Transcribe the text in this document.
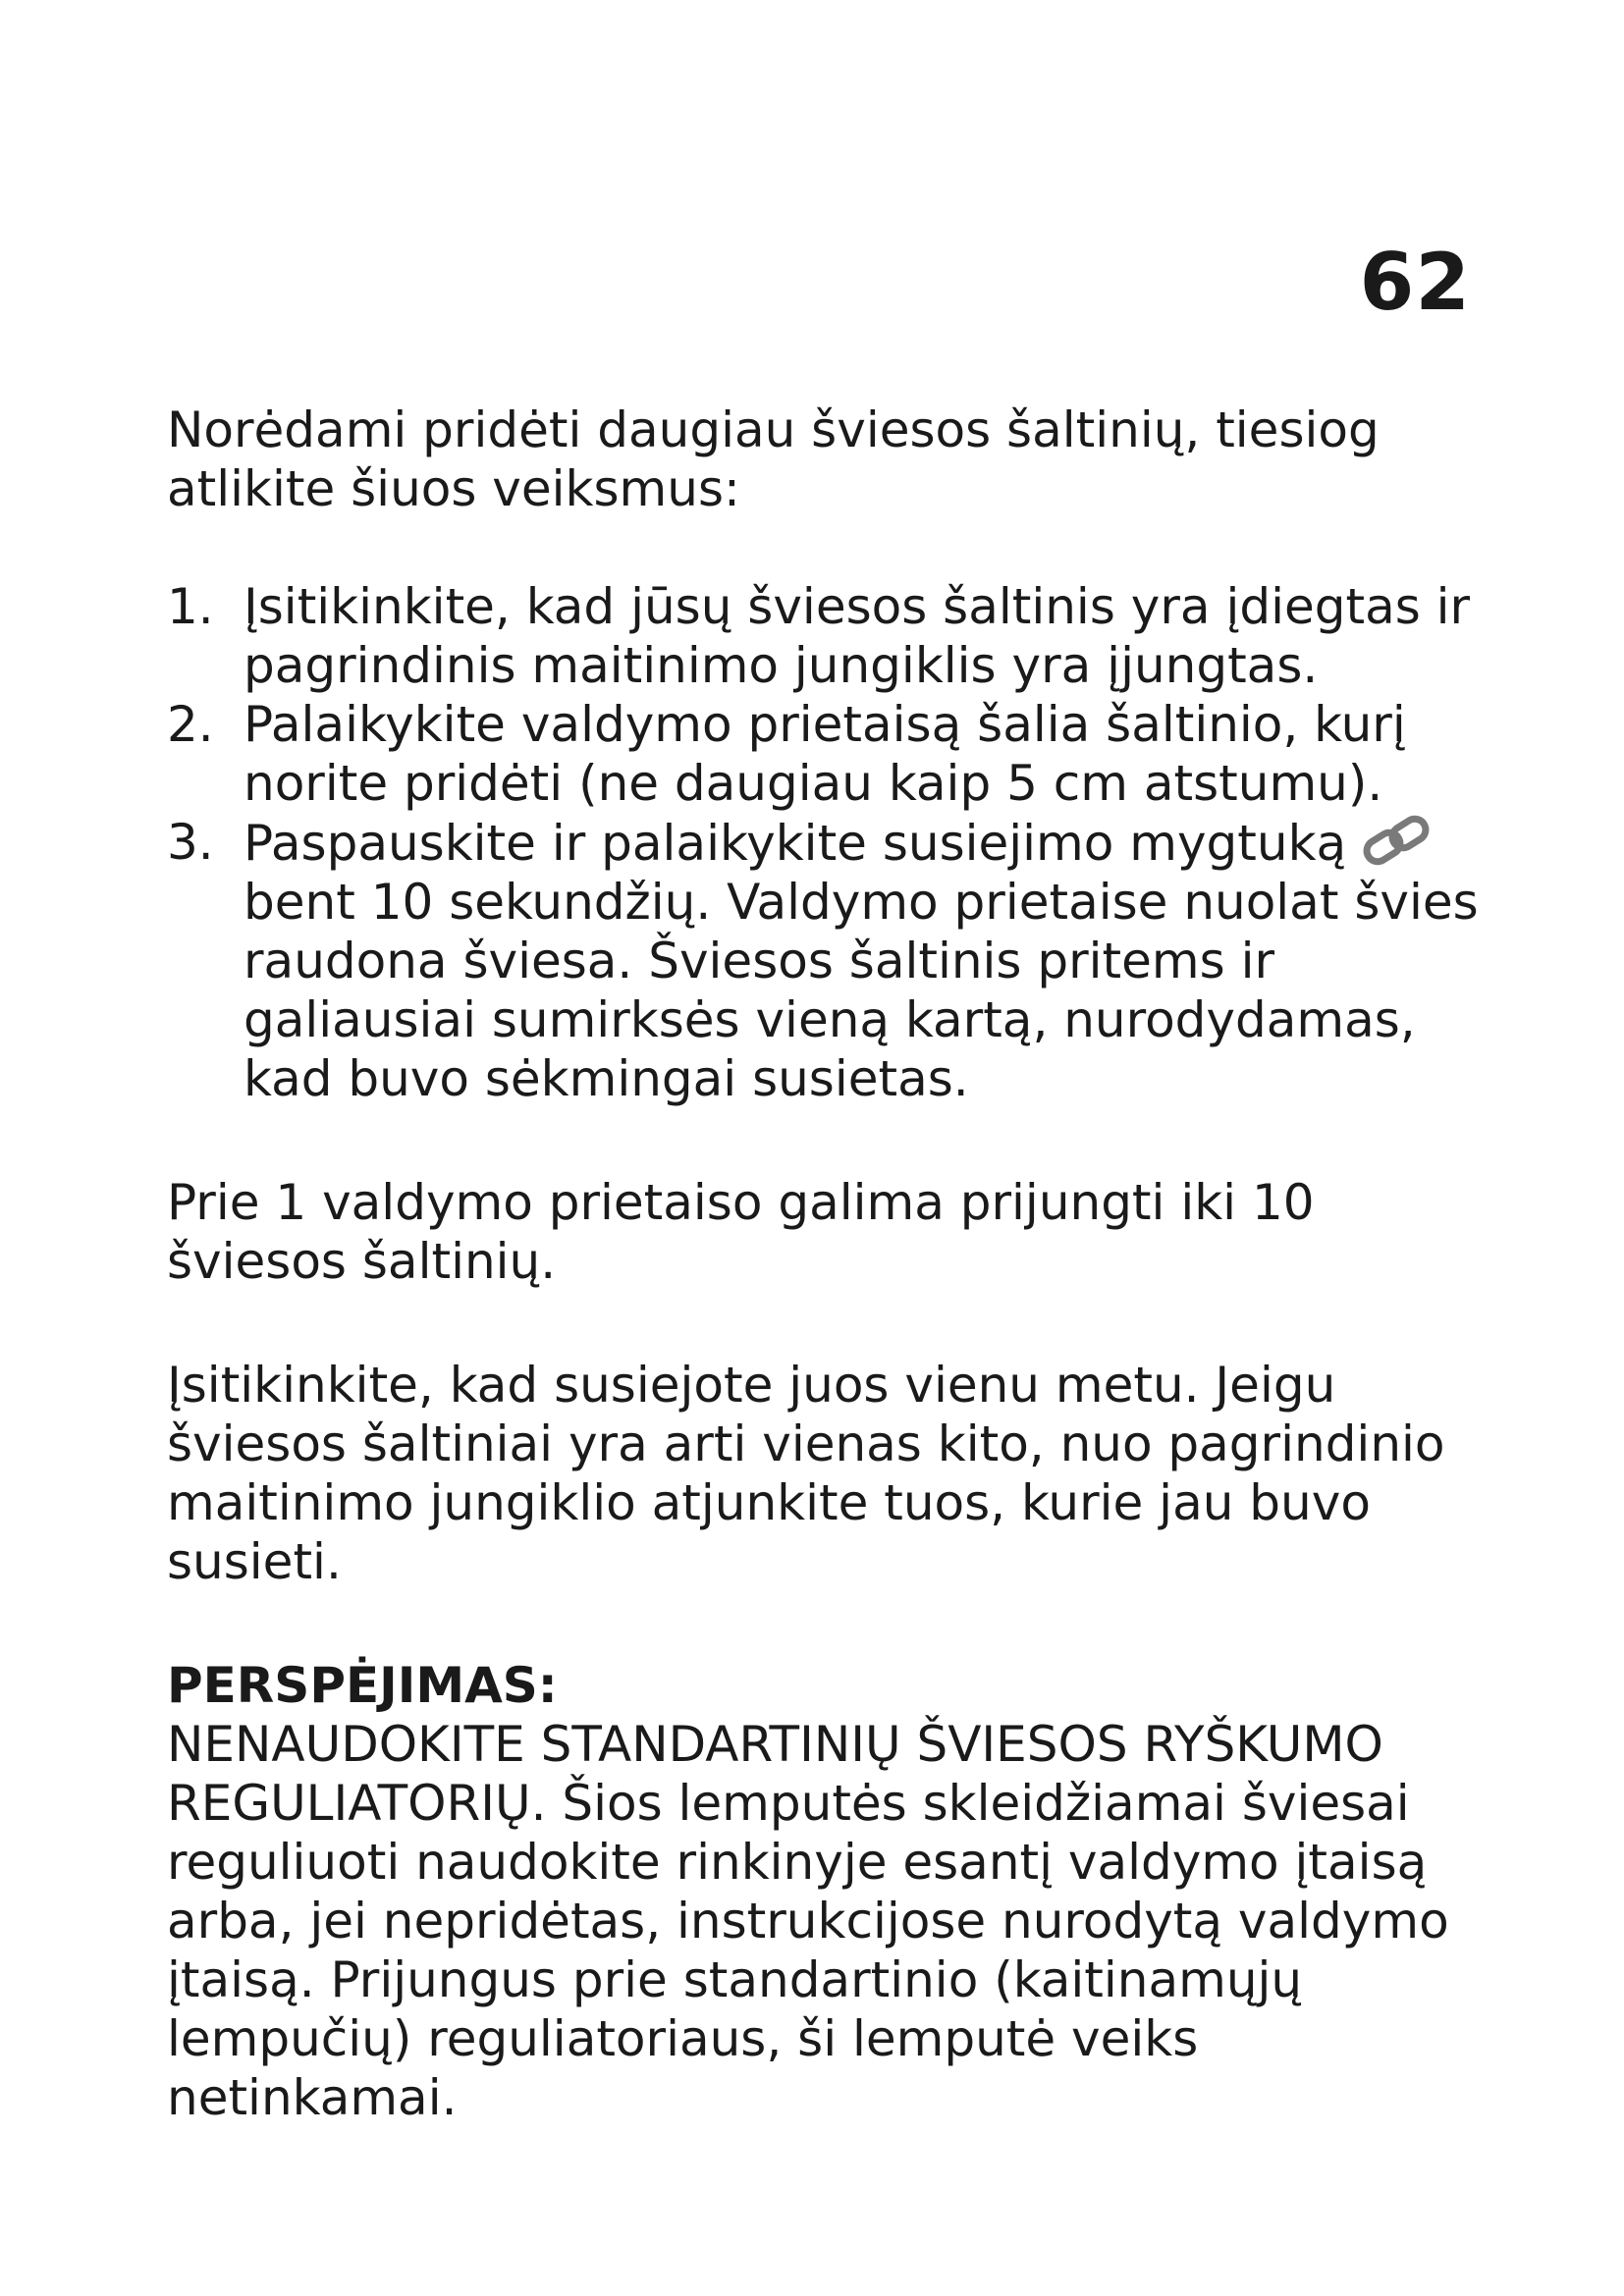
62

Norėdami pridėti daugiau šviesos šaltinių, tiesiog atlikite šiuos veiksmus:

1. Įsitikinkite, kad jūsų šviesos šaltinis yra įdiegtas ir pagrindinis maitinimo jungiklis yra įjungtas.
2. Palaikykite valdymo prietaisą šalia šaltinio, kurį norite pridėti (ne daugiau kaip 5 cm atstumu).
3. Paspauskite ir palaikykite susiejimo mygtuką bent 10 sekundžių. Valdymo prietaise nuolat švies raudona šviesa. Šviesos šaltinis pritems ir galiausiai sumirksės vieną kartą, nurodydamas, kad buvo sėkmingai susietas.

Prie 1 valdymo prietaiso galima prijungti iki 10 šviesos šaltinių.

Įsitikinkite, kad susiejote juos vienu metu. Jeigu šviesos šaltiniai yra arti vienas kito, nuo pagrindinio maitinimo jungiklio atjunkite tuos, kurie jau buvo susieti.

PERSPĖJIMAS:

NENAUDOKITE STANDARTINIŲ ŠVIESOS RYŠKUMO REGULIATORIŲ. Šios lemputės skleidžiamai šviesai reguliuoti naudokite rinkinyje esantį valdymo įtaisą arba, jei nepridėtas, instrukcijose nurodytą valdymo įtaisą. Prijungus prie standartinio (kaitinamųjų lempučių) reguliatoriaus, ši lemputė veiks netinkamai.
